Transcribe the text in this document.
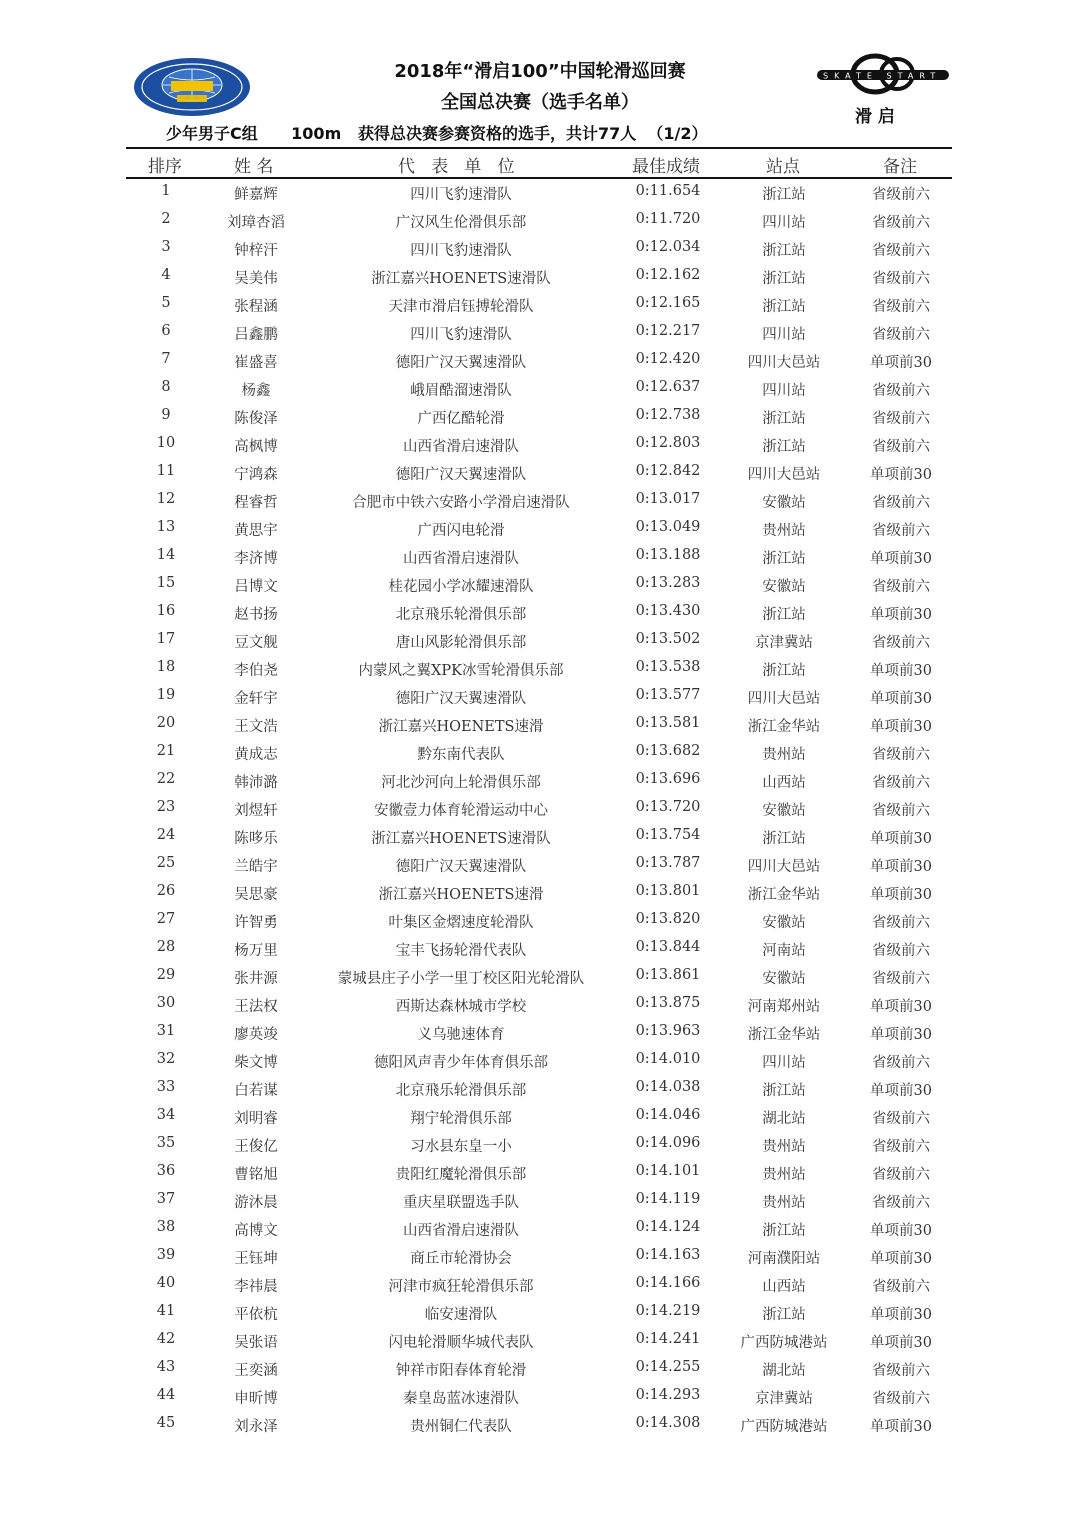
2018年“滑启100”中国轮滑巡回赛
全国总决赛（选手名单）
SKATE START
滑 启
少年男子C组      100m   获得总决赛参赛资格的选手，共计77人  （1/2）
排序	姓 名	代   表   单   位	最佳成绩	站点	备注
1	鲜嘉辉	四川飞豹速滑队	0:11.654	浙江站	省级前六
2	刘璋杏滔	广汉风生伦滑俱乐部	0:11.720	四川站	省级前六
3	钟梓汗	四川飞豹速滑队	0:12.034	浙江站	省级前六
4	吴美伟	浙江嘉兴HOENETS速滑队	0:12.162	浙江站	省级前六
5	张程涵	天津市滑启钰搏轮滑队	0:12.165	浙江站	省级前六
6	吕鑫鹏	四川飞豹速滑队	0:12.217	四川站	省级前六
7	崔盛喜	德阳广汉天翼速滑队	0:12.420	四川大邑站	单项前30
8	杨鑫	峨眉酷溜速滑队	0:12.637	四川站	省级前六
9	陈俊泽	广西亿酷轮滑	0:12.738	浙江站	省级前六
10	高枫博	山西省滑启速滑队	0:12.803	浙江站	省级前六
11	宁鸿森	德阳广汉天翼速滑队	0:12.842	四川大邑站	单项前30
12	程睿哲	合肥市中铁六安路小学滑启速滑队	0:13.017	安徽站	省级前六
13	黄思宇	广西闪电轮滑	0:13.049	贵州站	省级前六
14	李济博	山西省滑启速滑队	0:13.188	浙江站	单项前30
15	吕博文	桂花园小学冰耀速滑队	0:13.283	安徽站	省级前六
16	赵书扬	北京飛乐轮滑俱乐部	0:13.430	浙江站	单项前30
17	豆文舰	唐山风影轮滑俱乐部	0:13.502	京津冀站	省级前六
18	李伯尧	内蒙风之翼XPK冰雪轮滑俱乐部	0:13.538	浙江站	单项前30
19	金轩宇	德阳广汉天翼速滑队	0:13.577	四川大邑站	单项前30
20	王文浩	浙江嘉兴HOENETS速滑	0:13.581	浙江金华站	单项前30
21	黄成志	黔东南代表队	0:13.682	贵州站	省级前六
22	韩沛潞	河北沙河向上轮滑俱乐部	0:13.696	山西站	省级前六
23	刘煜轩	安徽壹力体育轮滑运动中心	0:13.720	安徽站	省级前六
24	陈哆乐	浙江嘉兴HOENETS速滑队	0:13.754	浙江站	单项前30
25	兰皓宇	德阳广汉天翼速滑队	0:13.787	四川大邑站	单项前30
26	吴思豪	浙江嘉兴HOENETS速滑	0:13.801	浙江金华站	单项前30
27	许智勇	叶集区金熠速度轮滑队	0:13.820	安徽站	省级前六
28	杨万里	宝丰飞扬轮滑代表队	0:13.844	河南站	省级前六
29	张井源	蒙城县庄子小学一里丁校区阳光轮滑队	0:13.861	安徽站	省级前六
30	王法权	西斯达森林城市学校	0:13.875	河南郑州站	单项前30
31	廖英竣	义乌驰速体育	0:13.963	浙江金华站	单项前30
32	柴文博	德阳风声青少年体育俱乐部	0:14.010	四川站	省级前六
33	白若谋	北京飛乐轮滑俱乐部	0:14.038	浙江站	单项前30
34	刘明睿	翔宁轮滑俱乐部	0:14.046	湖北站	省级前六
35	王俊亿	习水县东皇一小	0:14.096	贵州站	省级前六
36	曹铭旭	贵阳红魔轮滑俱乐部	0:14.101	贵州站	省级前六
37	游沐晨	重庆星联盟选手队	0:14.119	贵州站	省级前六
38	高博文	山西省滑启速滑队	0:14.124	浙江站	单项前30
39	王钰坤	商丘市轮滑协会	0:14.163	河南濮阳站	单项前30
40	李祎晨	河津市疯狂轮滑俱乐部	0:14.166	山西站	省级前六
41	平依杭	临安速滑队	0:14.219	浙江站	单项前30
42	吴张语	闪电轮滑顺华城代表队	0:14.241	广西防城港站	单项前30
43	王奕涵	钟祥市阳春体育轮滑	0:14.255	湖北站	省级前六
44	申昕博	秦皇岛蓝冰速滑队	0:14.293	京津冀站	省级前六
45	刘永泽	贵州铜仁代表队	0:14.308	广西防城港站	单项前30
